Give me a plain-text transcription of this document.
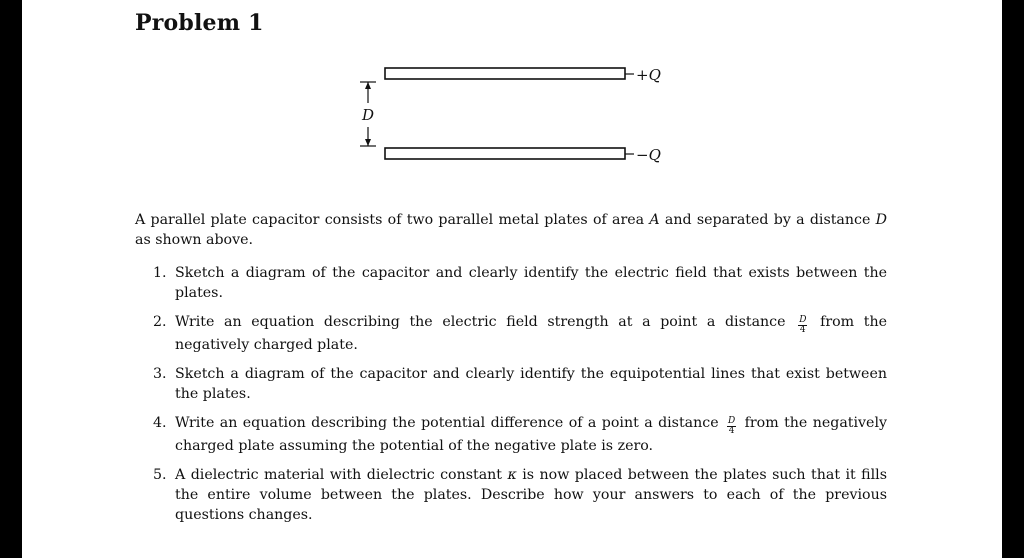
Problem 1
+Q
−Q
D

A parallel plate capacitor consists of two parallel metal plates of area A and separated by a distance D as shown above.

1. Sketch a diagram of the capacitor and clearly identify the electric field that exists between the plates.
2. Write an equation describing the electric field strength at a point a distance $\frac{D}{4}$ from the negatively charged plate.
3. Sketch a diagram of the capacitor and clearly identify the equipotential lines that exist between the plates.
4. Write an equation describing the potential difference of a point a distance $\frac{D}{4}$ from the negatively charged plate assuming the potential of the negative plate is zero.
5. A dielectric material with dielectric constant κ is now placed between the plates such that it fills the entire volume between the plates. Describe how your answers to each of the previous questions changes.
